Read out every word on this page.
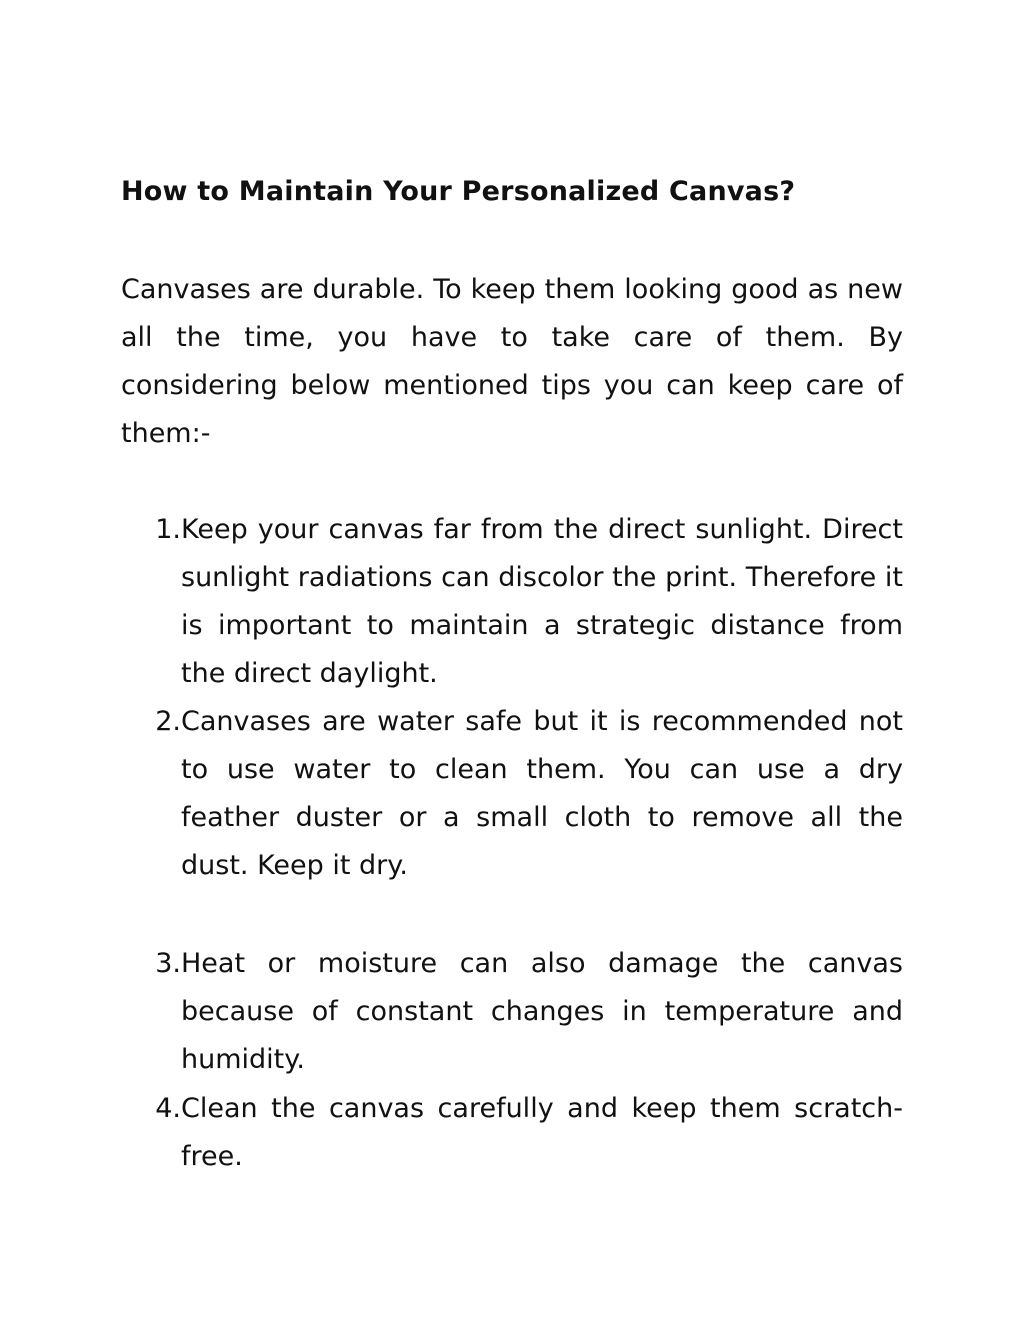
How to Maintain Your Personalized Canvas?

Canvases are durable. To keep them looking good as new all the time, you have to take care of them. By considering below mentioned tips you can keep care of them:-

1. Keep your canvas far from the direct sunlight. Direct sunlight radiations can discolor the print. Therefore it is important to maintain a strategic distance from the direct daylight.

2. Canvases are water safe but it is recommended not to use water to clean them. You can use a dry feather duster or a small cloth to remove all the dust. Keep it dry.

3. Heat or moisture can also damage the canvas because of constant changes in temperature and humidity.

4. Clean the canvas carefully and keep them scratch-free.
